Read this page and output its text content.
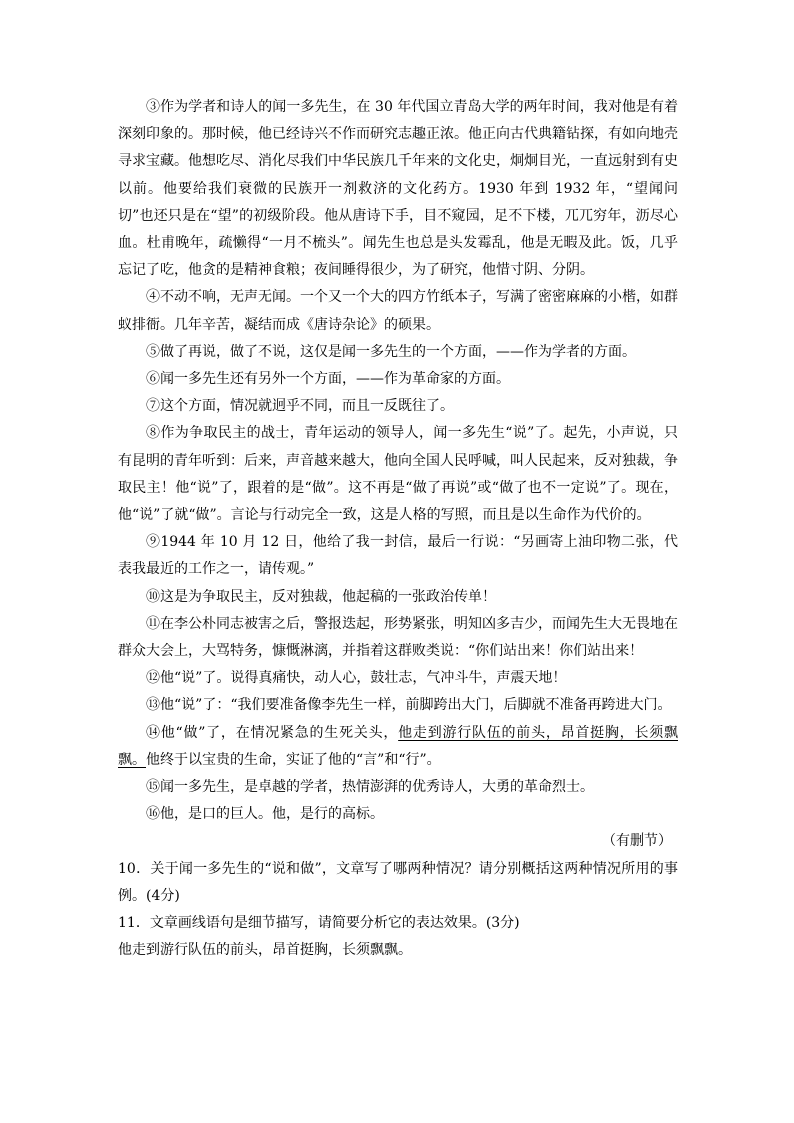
③作为学者和诗人的闻一多先生，在 30 年代国立青岛大学的两年时间，我对他是有着深刻印象的。那时候，他已经诗兴不作而研究志趣正浓。他正向古代典籍钻探，有如向地壳寻求宝藏。他想吃尽、消化尽我们中华民族几千年来的文化史，炯炯目光，一直远射到有史以前。他要给我们衰微的民族开一剂救济的文化药方。1930 年到 1932 年，“望闻问切”也还只是在“望”的初级阶段。他从唐诗下手，目不窥园，足不下楼，兀兀穷年，沥尽心血。杜甫晚年，疏懒得“一月不梳头”。闻先生也总是头发霉乱，他是无暇及此。饭，几乎忘记了吃，他贪的是精神食粮；夜间睡得很少，为了研究，他惜寸阴、分阴。

④不动不响，无声无闻。一个又一个大的四方竹纸本子，写满了密密麻麻的小楷，如群蚁排衙。几年辛苦，凝结而成《唐诗杂论》的硕果。

⑤做了再说，做了不说，这仅是闻一多先生的一个方面，——作为学者的方面。

⑥闻一多先生还有另外一个方面，——作为革命家的方面。

⑦这个方面，情况就迥乎不同，而且一反既往了。

⑧作为争取民主的战士，青年运动的领导人，闻一多先生“说”了。起先，小声说，只有昆明的青年听到：后来，声音越来越大，他向全国人民呼喊，叫人民起来，反对独裁，争取民主！他“说”了，跟着的是“做”。这不再是“做了再说”或“做了也不一定说”了。现在，他“说”了就“做”。言论与行动完全一致，这是人格的写照，而且是以生命作为代价的。

⑨1944 年 10 月 12 日，他给了我一封信，最后一行说：“另画寄上油印物二张，代表我最近的工作之一，请传观。”

⑩这是为争取民主，反对独裁，他起稿的一张政治传单！

⑪在李公朴同志被害之后，警报迭起，形势紧张，明知凶多吉少，而闻先生大无畏地在群众大会上，大骂特务，慷慨淋漓，并指着这群败类说：“你们站出来！你们站出来！

⑫他“说”了。说得真痛快，动人心，鼓壮志，气冲斗牛，声震天地！

⑬他“说”了：“我们要准备像李先生一样，前脚跨出大门，后脚就不准备再跨进大门。

⑭他“做”了，在情况紧急的生死关头，他走到游行队伍的前头，昂首挺胸，长须飘飘。他终于以宝贵的生命，实证了他的“言”和“行”。

⑮闻一多先生，是卓越的学者，热情澎湃的优秀诗人，大勇的革命烈士。

⑯他，是口的巨人。他，是行的高标。

（有删节）

10．关于闻一多先生的“说和做”，文章写了哪两种情况？请分别概括这两种情况所用的事例。(4分)

11．文章画线语句是细节描写，请简要分析它的表达效果。(3分)

他走到游行队伍的前头，昂首挺胸，长须飘飘。
